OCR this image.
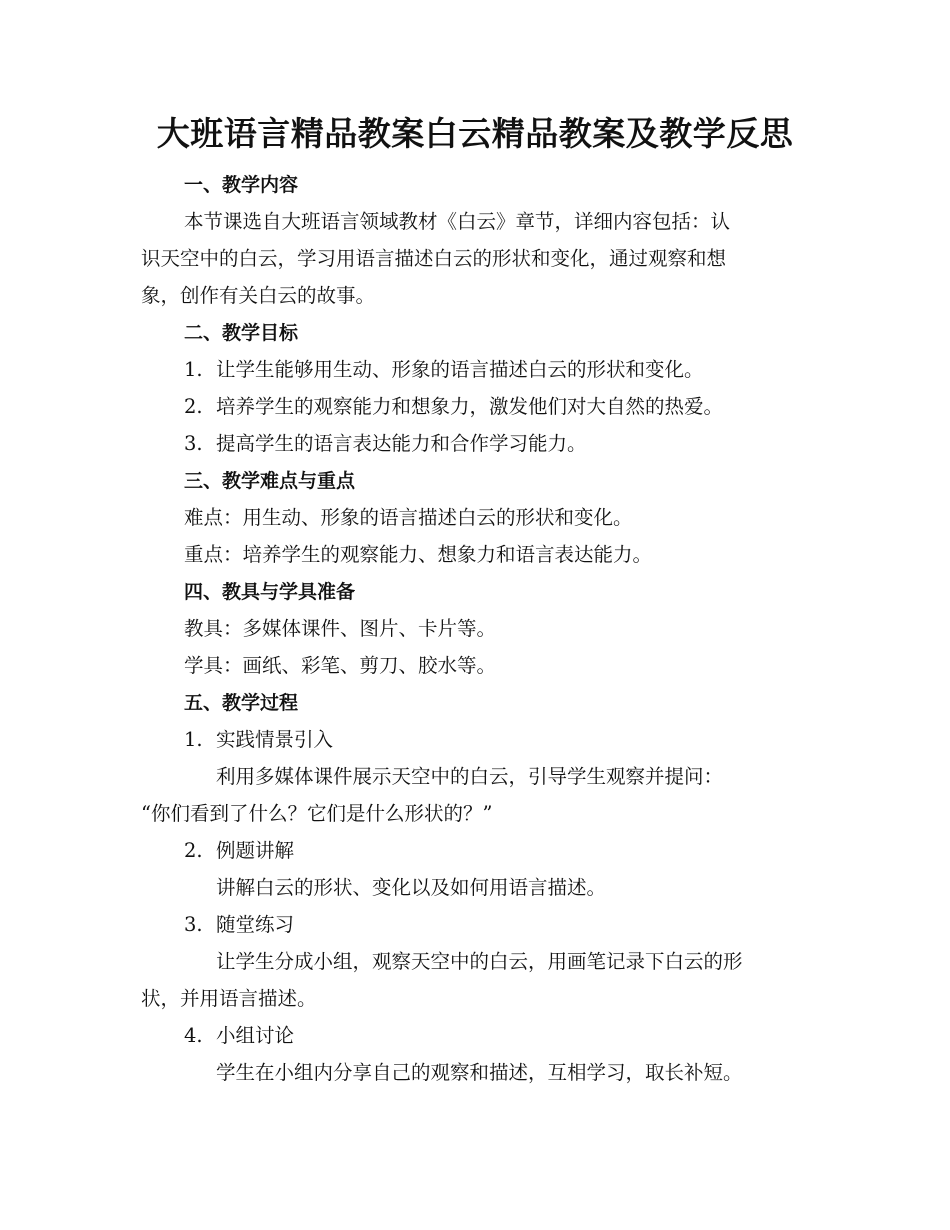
大班语言精品教案白云精品教案及教学反思
一、教学内容
本节课选自大班语言领域教材《白云》章节，详细内容包括：认
识天空中的白云，学习用语言描述白云的形状和变化，通过观察和想
象，创作有关白云的故事。
二、教学目标
1. 让学生能够用生动、形象的语言描述白云的形状和变化。
2. 培养学生的观察能力和想象力，激发他们对大自然的热爱。
3. 提高学生的语言表达能力和合作学习能力。
三、教学难点与重点
难点：用生动、形象的语言描述白云的形状和变化。
重点：培养学生的观察能力、想象力和语言表达能力。
四、教具与学具准备
教具：多媒体课件、图片、卡片等。
学具：画纸、彩笔、剪刀、胶水等。
五、教学过程
1. 实践情景引入
利用多媒体课件展示天空中的白云，引导学生观察并提问：
“你们看到了什么？它们是什么形状的？”
2. 例题讲解
讲解白云的形状、变化以及如何用语言描述。
3. 随堂练习
让学生分成小组，观察天空中的白云，用画笔记录下白云的形
状，并用语言描述。
4. 小组讨论
学生在小组内分享自己的观察和描述，互相学习，取长补短。
